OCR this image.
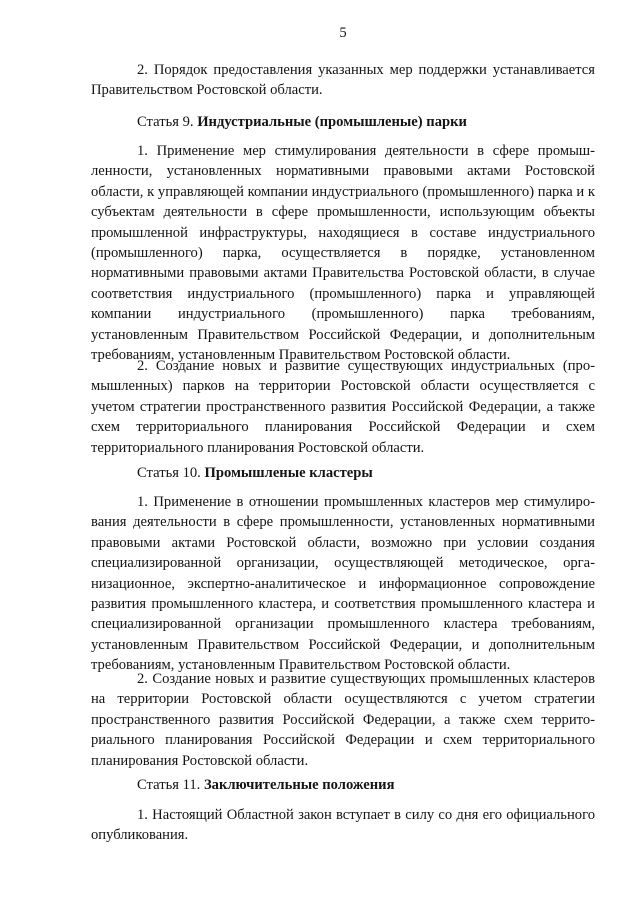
5

2. Порядок предоставления указанных мер поддержки устанавливается Правительством Ростовской области.

Статья 9. Индустриальные (промышленые) парки

1. Применение мер стимулирования деятельности в сфере промышленности, установленных нормативными правовыми актами Ростовской области, к управляющей компании индустриального (промышленного) парка и к субъектам деятельности в сфере промышленности, использующим объекты промышленной инфраструктуры, находящиеся в составе индустриального (промышленного) парка, осуществляется в порядке, установленном нормативными правовыми актами Правительства Ростовской области, в случае соответствия индустриального (промышленного) парка и управляющей компании индустриального (промышленного) парка требованиям, установленным Правительством Российской Федерации, и дополнительным требованиям, установленным Правительством Ростовской области.

2. Создание новых и развитие существующих индустриальных (промышленных) парков на территории Ростовской области осуществляется с учетом стратегии пространственного развития Российской Федерации, а также схем территориального планирования Российской Федерации и схем территориального планирования Ростовской области.

Статья 10. Промышленые кластеры

1. Применение в отношении промышленных кластеров мер стимулирования деятельности в сфере промышленности, установленных нормативными правовыми актами Ростовской области, возможно при условии создания специализированной организации, осуществляющей методическое, организационное, экспертно-аналитическое и информационное сопровождение развития промышленного кластера, и соответствия промышленного кластера и специализированной организации промышленного кластера требованиям, установленным Правительством Российской Федерации, и дополнительным требованиям, установленным Правительством Ростовской области.

2. Создание новых и развитие существующих промышленных кластеров на территории Ростовской области осуществляются с учетом стратегии пространственного развития Российской Федерации, а также схем территориального планирования Российской Федерации и схем территориального планирования Ростовской области.

Статья 11. Заключительные положения

1. Настоящий Областной закон вступает в силу со дня его официального опубликования.
